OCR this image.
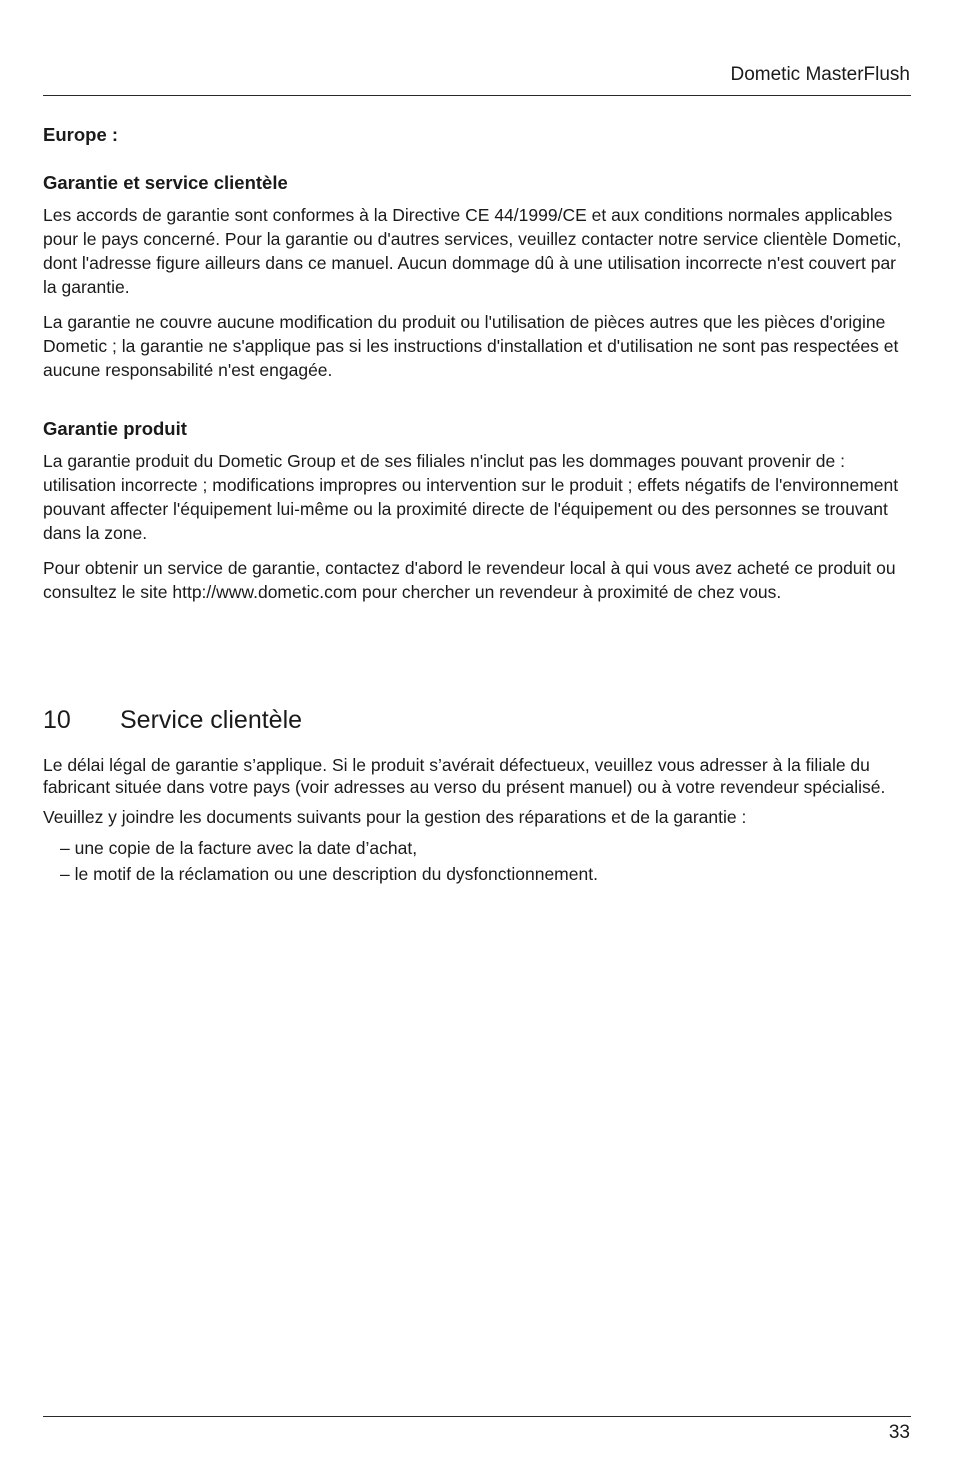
Dometic MasterFlush
Europe :
Garantie et service clientèle

Les accords de garantie sont conformes à la Directive CE 44/1999/CE et aux conditions normales applicables pour le pays concerné. Pour la garantie ou d'autres services, veuillez contacter notre service clientèle Dometic, dont l'adresse figure ailleurs dans ce manuel. Aucun dommage dû à une utilisation incorrecte n'est couvert par la garantie.

La garantie ne couvre aucune modification du produit ou l'utilisation de pièces autres que les pièces d'origine Dometic ; la garantie ne s'applique pas si les instructions d'installation et d'utilisation ne sont pas respectées et aucune responsabilité n'est engagée.

Garantie produit

La garantie produit du Dometic Group et de ses filiales n'inclut pas les dommages pouvant provenir de : utilisation incorrecte ; modifications impropres ou intervention sur le produit ; effets négatifs de l'environnement pouvant affecter l'équipement lui-même ou la proximité directe de l'équipement ou des personnes se trouvant dans la zone.

Pour obtenir un service de garantie, contactez d'abord le revendeur local à qui vous avez acheté ce produit ou consultez le site http://www.dometic.com pour chercher un revendeur à proximité de chez vous.

10 Service clientèle

Le délai légal de garantie s’applique. Si le produit s’avérait défectueux, veuillez vous adresser à la filiale du fabricant située dans votre pays (voir adresses au verso du présent manuel) ou à votre revendeur spécialisé.

Veuillez y joindre les documents suivants pour la gestion des réparations et de la garantie :

– une copie de la facture avec la date d’achat,
– le motif de la réclamation ou une description du dysfonctionnement.
33
